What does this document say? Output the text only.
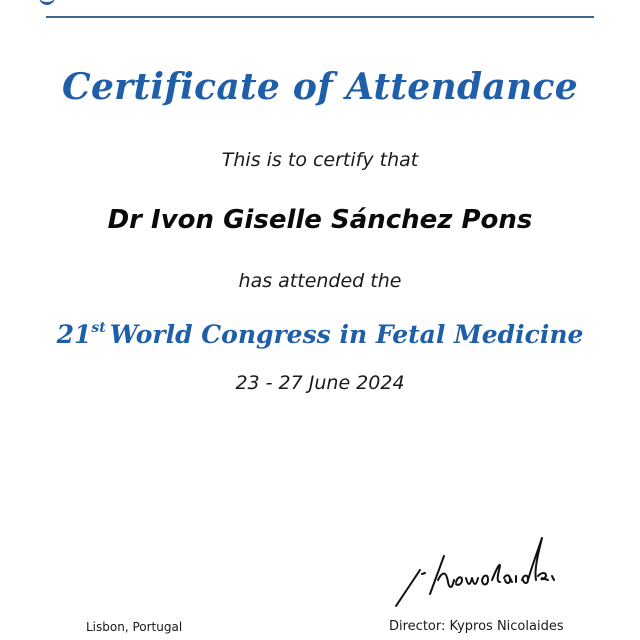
Certificate of Attendance
This is to certify that
Dr Ivon Giselle Sánchez Pons
has attended the
21st World Congress in Fetal Medicine
23 - 27 June 2024
Lisbon, Portugal	Director: Kypros Nicolaides
